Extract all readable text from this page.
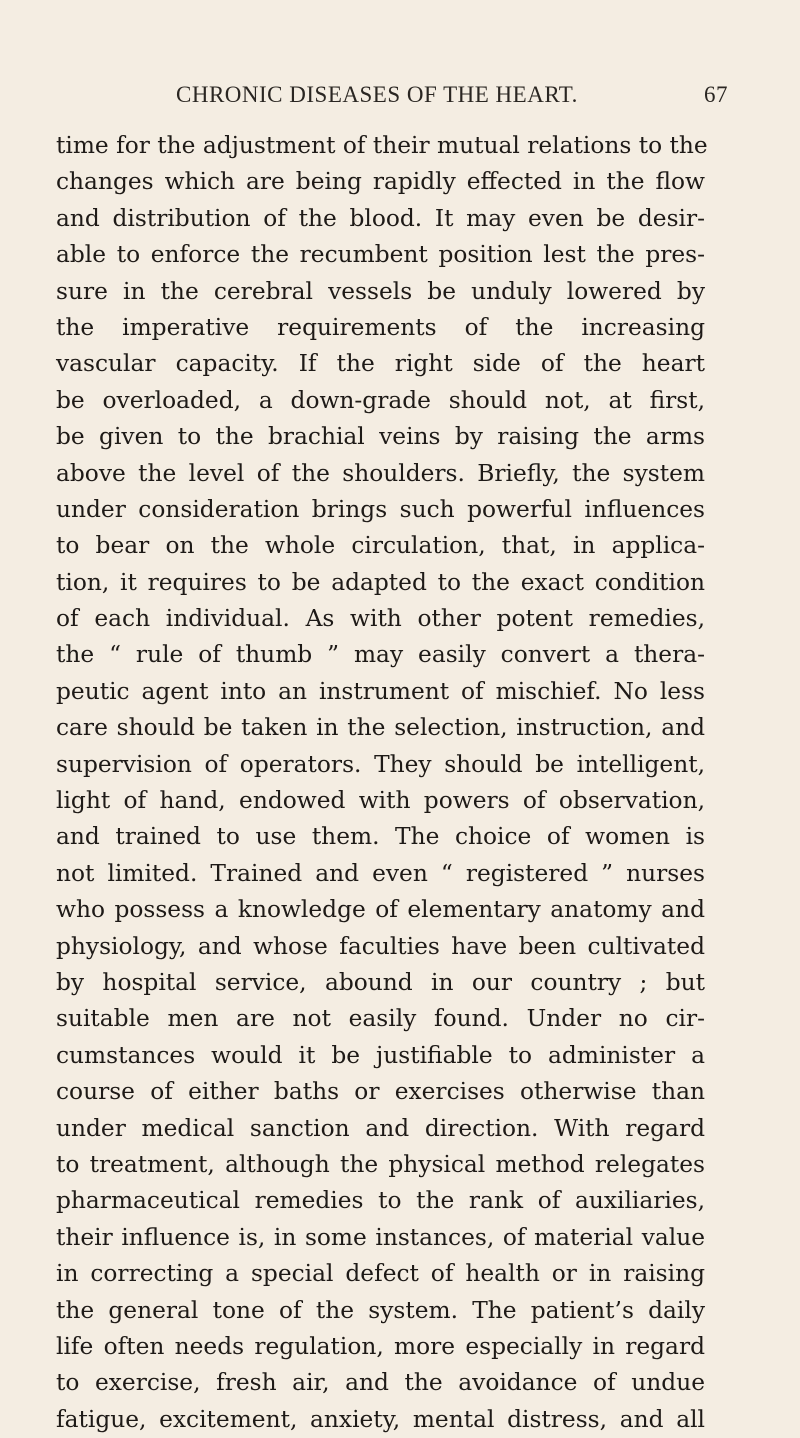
CHRONIC DISEASES OF THE HEART.	67
time for the adjustment of their mutual relations to the
changes which are being rapidly effected in the flow
and distribution of the blood. It may even be desir-
able to enforce the recumbent position lest the pres-
sure in the cerebral vessels be unduly lowered by
the imperative requirements of the increasing
vascular capacity. If the right side of the heart
be overloaded, a down-grade should not, at first,
be given to the brachial veins by raising the arms
above the level of the shoulders. Briefly, the system
under consideration brings such powerful influences
to bear on the whole circulation, that, in applica-
tion, it requires to be adapted to the exact condition
of each individual. As with other potent remedies,
the “ rule of thumb ” may easily convert a thera-
peutic agent into an instrument of mischief. No less
care should be taken in the selection, instruction, and
supervision of operators. They should be intelligent,
light of hand, endowed with powers of observation,
and trained to use them. The choice of women is
not limited. Trained and even “ registered ” nurses
who possess a knowledge of elementary anatomy and
physiology, and whose faculties have been cultivated
by hospital service, abound in our country ; but
suitable men are not easily found. Under no cir-
cumstances would it be justifiable to administer a
course of either baths or exercises otherwise than
under medical sanction and direction. With regard
to treatment, although the physical method relegates
pharmaceutical remedies to the rank of auxiliaries,
their influence is, in some instances, of material value
in correcting a special defect of health or in raising
the general tone of the system. The patient’s daily
life often needs regulation, more especially in regard
to exercise, fresh air, and the avoidance of undue
fatigue, excitement, anxiety, mental distress, and all
